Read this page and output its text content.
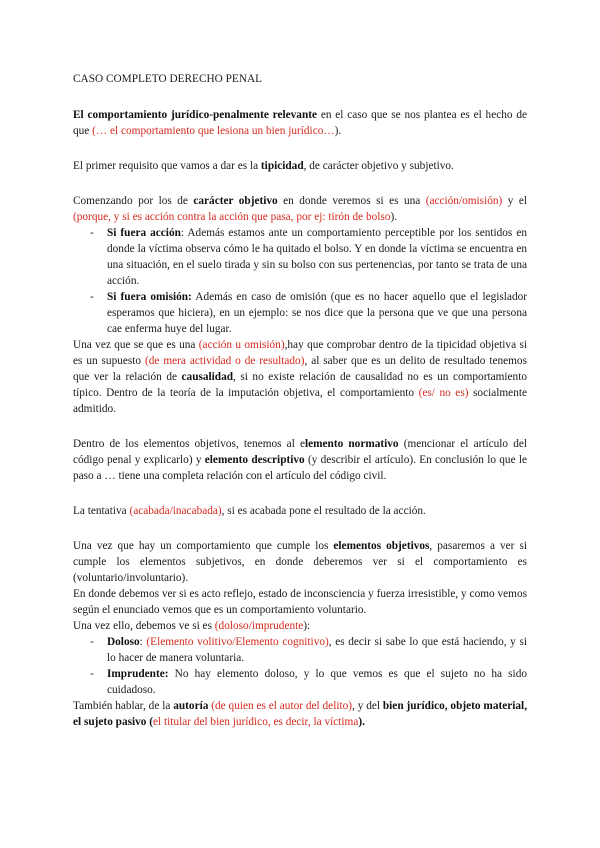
CASO COMPLETO DERECHO PENAL

El comportamiento jurídico-penalmente relevante en el caso que se nos plantea es el hecho de que (… el comportamiento que lesiona un bien jurídico…).

El primer requisito que vamos a dar es la tipicidad, de carácter objetivo y subjetivo.

Comenzando por los de carácter objetivo en donde veremos si es una (acción/omisión) y el (porque, y si es acción contra la acción que pasa, por ej: tirón de bolso).

- Si fuera acción: Además estamos ante un comportamiento perceptible por los sentidos en donde la víctima observa cómo le ha quitado el bolso. Y en donde la víctima se encuentra en una situación, en el suelo tirada y sin su bolso con sus pertenencias, por tanto se trata de una acción.
- Si fuera omisión: Además en caso de omisión (que es no hacer aquello que el legislador esperamos que hiciera), en un ejemplo: se nos dice que la persona que ve que una persona cae enferma huye del lugar.

Una vez que se que es una (acción u omisión),hay que comprobar dentro de la tipicidad objetiva si es un supuesto (de mera actividad o de resultado), al saber que es un delito de resultado tenemos que ver la relación de causalidad, si no existe relación de causalidad no es un comportamiento típico. Dentro de la teoría de la imputación objetiva, el comportamiento (es/ no es) socialmente admitido.

Dentro de los elementos objetivos, tenemos al elemento normativo (mencionar el artículo del código penal y explicarlo) y elemento descriptivo (y describir el artículo). En conclusión lo que le paso a … tiene una completa relación con el artículo del código civil.

La tentativa (acabada/inacabada), si es acabada pone el resultado de la acción.

Una vez que hay un comportamiento que cumple los elementos objetivos, pasaremos a ver si cumple los elementos subjetivos, en donde deberemos ver si el comportamiento es (voluntario/involuntario).

En donde debemos ver si es acto reflejo, estado de inconsciencia y fuerza irresistible, y como vemos según el enunciado vemos que es un comportamiento voluntario.

Una vez ello, debemos ve si es (doloso/imprudente):

- Doloso: (Elemento volitivo/Elemento cognitivo), es decir si sabe lo que está haciendo, y si lo hacer de manera voluntaria.
- Imprudente: No hay elemento doloso, y lo que vemos es que el sujeto no ha sido cuidadoso.

También hablar, de la autoría (de quien es el autor del delito), y del bien jurídico, objeto material, el sujeto pasivo (el titular del bien jurídico, es decir, la víctima).
